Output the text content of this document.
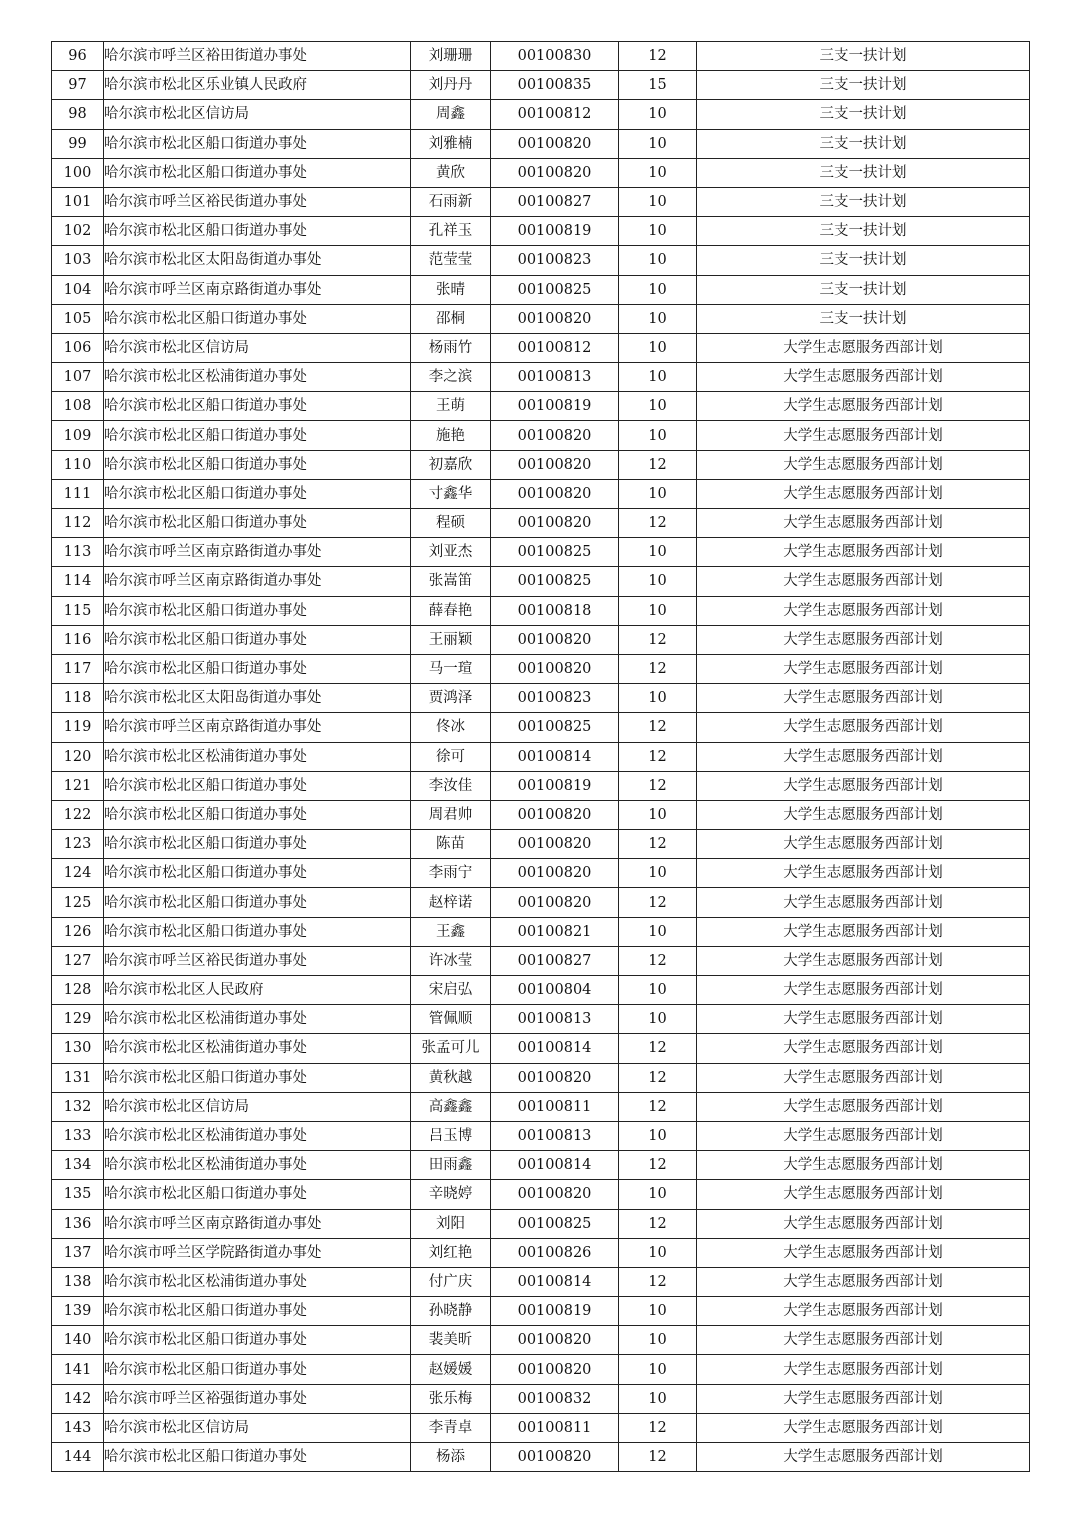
96	哈尔滨市呼兰区裕田街道办事处	刘珊珊	00100830	12	三支一扶计划
97	哈尔滨市松北区乐业镇人民政府	刘丹丹	00100835	15	三支一扶计划
98	哈尔滨市松北区信访局	周鑫	00100812	10	三支一扶计划
99	哈尔滨市松北区船口街道办事处	刘雅楠	00100820	10	三支一扶计划
100	哈尔滨市松北区船口街道办事处	黄欣	00100820	10	三支一扶计划
101	哈尔滨市呼兰区裕民街道办事处	石雨新	00100827	10	三支一扶计划
102	哈尔滨市松北区船口街道办事处	孔祥玉	00100819	10	三支一扶计划
103	哈尔滨市松北区太阳岛街道办事处	范莹莹	00100823	10	三支一扶计划
104	哈尔滨市呼兰区南京路街道办事处	张晴	00100825	10	三支一扶计划
105	哈尔滨市松北区船口街道办事处	邵桐	00100820	10	三支一扶计划
106	哈尔滨市松北区信访局	杨雨竹	00100812	10	大学生志愿服务西部计划
107	哈尔滨市松北区松浦街道办事处	李之滨	00100813	10	大学生志愿服务西部计划
108	哈尔滨市松北区船口街道办事处	王萌	00100819	10	大学生志愿服务西部计划
109	哈尔滨市松北区船口街道办事处	施艳	00100820	10	大学生志愿服务西部计划
110	哈尔滨市松北区船口街道办事处	初嘉欣	00100820	12	大学生志愿服务西部计划
111	哈尔滨市松北区船口街道办事处	寸鑫华	00100820	10	大学生志愿服务西部计划
112	哈尔滨市松北区船口街道办事处	程硕	00100820	12	大学生志愿服务西部计划
113	哈尔滨市呼兰区南京路街道办事处	刘亚杰	00100825	10	大学生志愿服务西部计划
114	哈尔滨市呼兰区南京路街道办事处	张嵩笛	00100825	10	大学生志愿服务西部计划
115	哈尔滨市松北区船口街道办事处	薛春艳	00100818	10	大学生志愿服务西部计划
116	哈尔滨市松北区船口街道办事处	王丽颖	00100820	12	大学生志愿服务西部计划
117	哈尔滨市松北区船口街道办事处	马一瑄	00100820	12	大学生志愿服务西部计划
118	哈尔滨市松北区太阳岛街道办事处	贾鸿泽	00100823	10	大学生志愿服务西部计划
119	哈尔滨市呼兰区南京路街道办事处	佟冰	00100825	12	大学生志愿服务西部计划
120	哈尔滨市松北区松浦街道办事处	徐可	00100814	12	大学生志愿服务西部计划
121	哈尔滨市松北区船口街道办事处	李汝佳	00100819	12	大学生志愿服务西部计划
122	哈尔滨市松北区船口街道办事处	周君帅	00100820	10	大学生志愿服务西部计划
123	哈尔滨市松北区船口街道办事处	陈苗	00100820	12	大学生志愿服务西部计划
124	哈尔滨市松北区船口街道办事处	李雨宁	00100820	10	大学生志愿服务西部计划
125	哈尔滨市松北区船口街道办事处	赵梓诺	00100820	12	大学生志愿服务西部计划
126	哈尔滨市松北区船口街道办事处	王鑫	00100821	10	大学生志愿服务西部计划
127	哈尔滨市呼兰区裕民街道办事处	许冰莹	00100827	12	大学生志愿服务西部计划
128	哈尔滨市松北区人民政府	宋启弘	00100804	10	大学生志愿服务西部计划
129	哈尔滨市松北区松浦街道办事处	管佩顺	00100813	10	大学生志愿服务西部计划
130	哈尔滨市松北区松浦街道办事处	张孟可儿	00100814	12	大学生志愿服务西部计划
131	哈尔滨市松北区船口街道办事处	黄秋越	00100820	12	大学生志愿服务西部计划
132	哈尔滨市松北区信访局	高鑫鑫	00100811	12	大学生志愿服务西部计划
133	哈尔滨市松北区松浦街道办事处	吕玉博	00100813	10	大学生志愿服务西部计划
134	哈尔滨市松北区松浦街道办事处	田雨鑫	00100814	12	大学生志愿服务西部计划
135	哈尔滨市松北区船口街道办事处	辛晓婷	00100820	10	大学生志愿服务西部计划
136	哈尔滨市呼兰区南京路街道办事处	刘阳	00100825	12	大学生志愿服务西部计划
137	哈尔滨市呼兰区学院路街道办事处	刘红艳	00100826	10	大学生志愿服务西部计划
138	哈尔滨市松北区松浦街道办事处	付广庆	00100814	12	大学生志愿服务西部计划
139	哈尔滨市松北区船口街道办事处	孙晓静	00100819	10	大学生志愿服务西部计划
140	哈尔滨市松北区船口街道办事处	裴美昕	00100820	10	大学生志愿服务西部计划
141	哈尔滨市松北区船口街道办事处	赵媛媛	00100820	10	大学生志愿服务西部计划
142	哈尔滨市呼兰区裕强街道办事处	张乐梅	00100832	10	大学生志愿服务西部计划
143	哈尔滨市松北区信访局	李青卓	00100811	12	大学生志愿服务西部计划
144	哈尔滨市松北区船口街道办事处	杨添	00100820	12	大学生志愿服务西部计划
